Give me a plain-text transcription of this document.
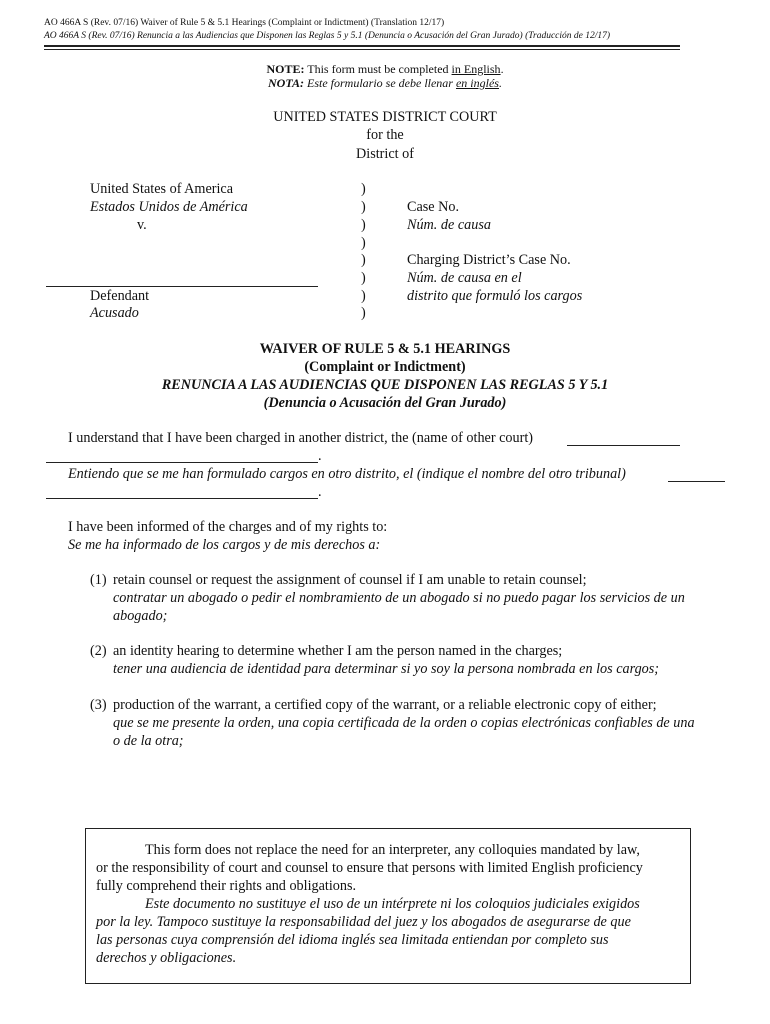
AO 466A S (Rev. 07/16) Waiver of Rule 5 & 5.1 Hearings (Complaint or Indictment) (Translation 12/17)
AO 466A S (Rev. 07/16) Renuncia a las Audiencias que Disponen las Reglas 5 y 5.1 (Denuncia o Acusación del Gran Jurado) (Traducción de 12/17)
NOTE: This form must be completed in English.
NOTA: Este formulario se debe llenar en inglés.
UNITED STATES DISTRICT COURT
for the
District of
United States of America
Estados Unidos de América
v.
Defendant
Acusado
)
)
)
)
)
)
)
)
Case No.
Núm. de causa
Charging District’s Case No.
Núm. de causa en el
distrito que formuló los cargos
WAIVER OF RULE 5 & 5.1 HEARINGS
(Complaint or Indictment)
RENUNCIA A LAS AUDIENCIAS QUE DISPONEN LAS REGLAS 5 Y 5.1
(Denuncia o Acusación del Gran Jurado)
I understand that I have been charged in another district, the (name of other court)
.
Entiendo que se me han formulado cargos en otro distrito, el (indique el nombre del otro tribunal)
.
I have been informed of the charges and of my rights to:
Se me ha informado de los cargos y de mis derechos a:
(1) retain counsel or request the assignment of counsel if I am unable to retain counsel;
contratar un abogado o pedir el nombramiento de un abogado si no puedo pagar los servicios de un
abogado;
(2) an identity hearing to determine whether I am the person named in the charges;
tener una audiencia de identidad para determinar si yo soy la persona nombrada en los cargos;
(3) production of the warrant, a certified copy of the warrant, or a reliable electronic copy of either;
que se me presente la orden, una copia certificada de la orden o copias electrónicas confiables de una
o de la otra;
This form does not replace the need for an interpreter, any colloquies mandated by law,
or the responsibility of court and counsel to ensure that persons with limited English proficiency
fully comprehend their rights and obligations.
Este documento no sustituye el uso de un intérprete ni los coloquios judiciales exigidos
por la ley. Tampoco sustituye la responsabilidad del juez y los abogados de asegurarse de que
las personas cuya comprensión del idioma inglés sea limitada entiendan por completo sus
derechos y obligaciones.
